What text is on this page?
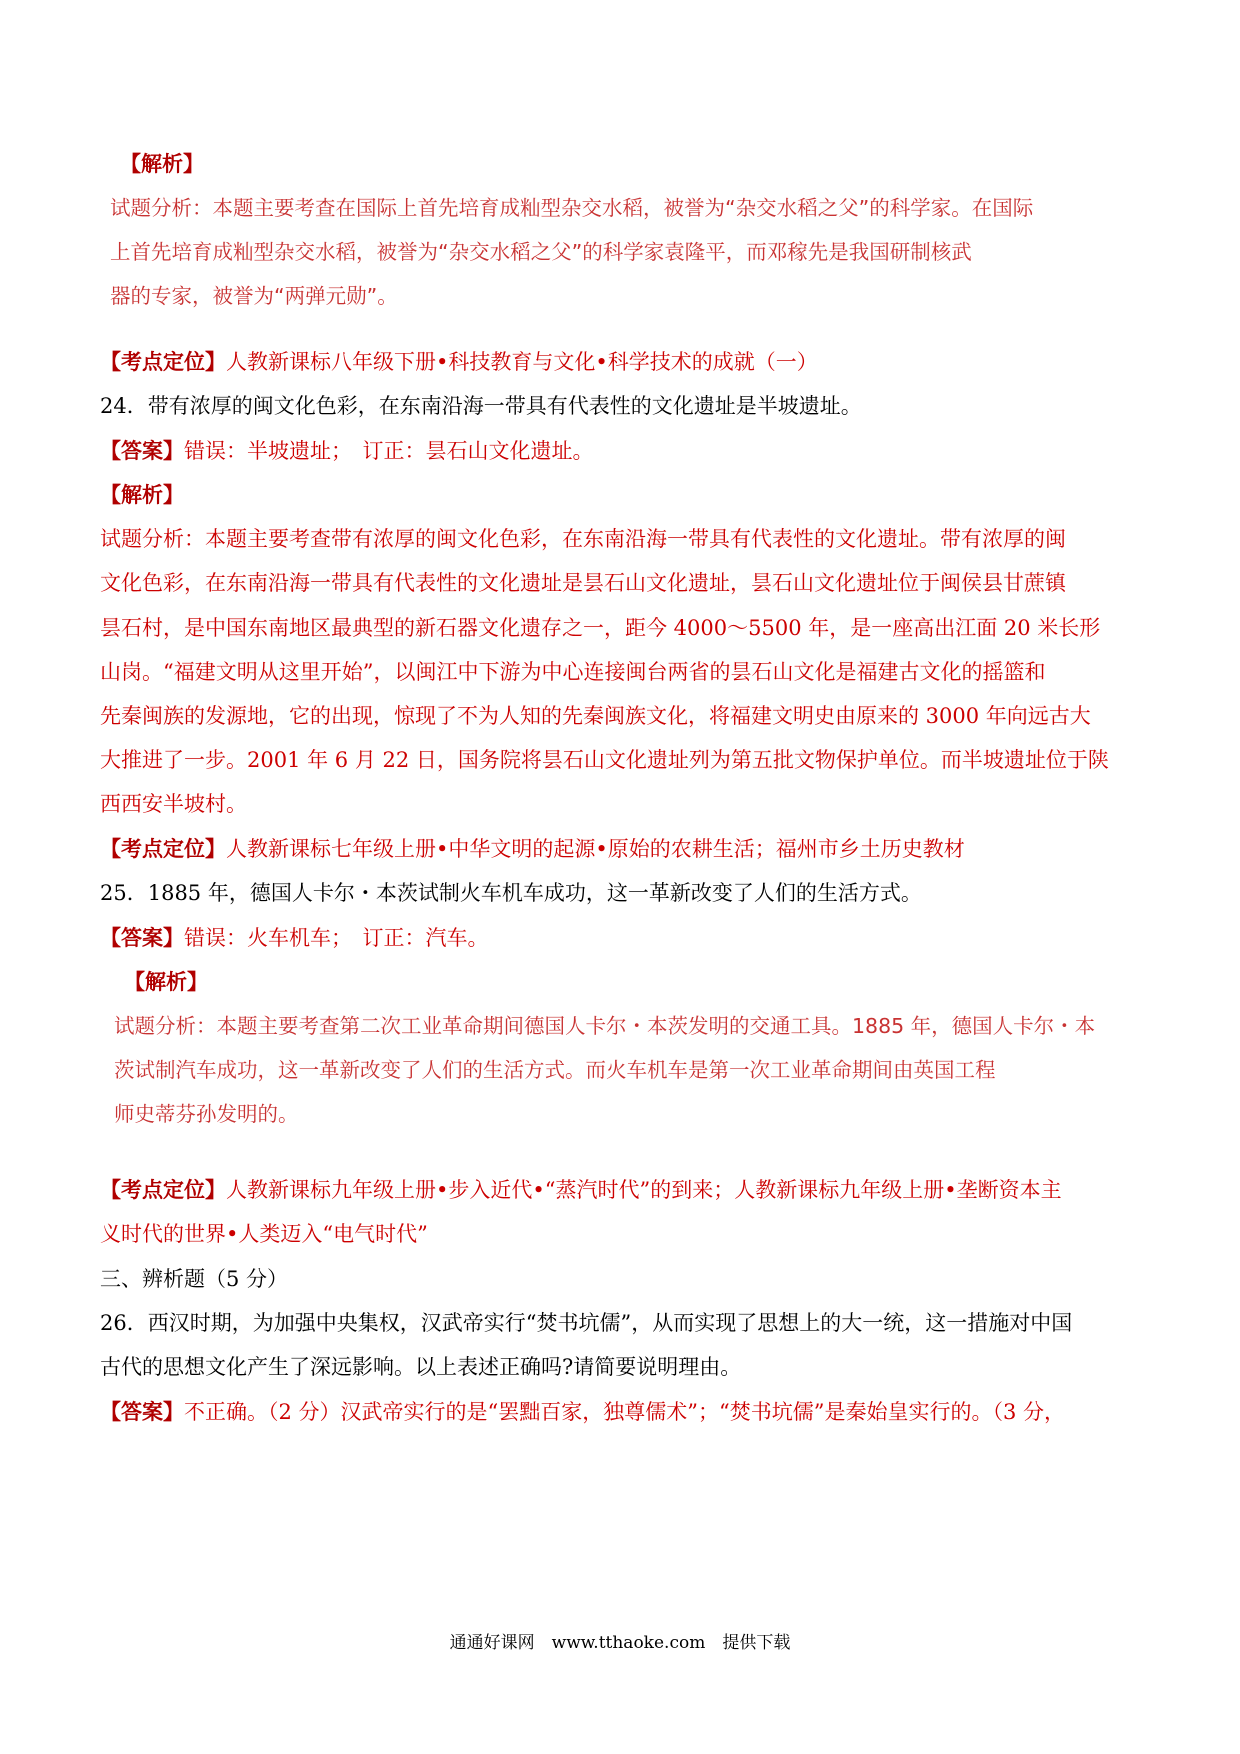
【解析】
试题分析：本题主要考查在国际上首先培育成籼型杂交水稻，被誉为“杂交水稻之父”的科学家。在国际
上首先培育成籼型杂交水稻，被誉为“杂交水稻之父”的科学家袁隆平，而邓稼先是我国研制核武
器的专家，被誉为“两弹元勋”。
【考点定位】人教新课标八年级下册•科技教育与文化•科学技术的成就（一）
24．带有浓厚的闽文化色彩，在东南沿海一带具有代表性的文化遗址是半坡遗址。
【答案】错误：半坡遗址；　订正：昙石山文化遗址。
【解析】
试题分析：本题主要考查带有浓厚的闽文化色彩，在东南沿海一带具有代表性的文化遗址。带有浓厚的闽
文化色彩，在东南沿海一带具有代表性的文化遗址是昙石山文化遗址，昙石山文化遗址位于闽侯县甘蔗镇
昙石村，是中国东南地区最典型的新石器文化遗存之一，距今 4000～5500 年，是一座高出江面 20 米长形
山岗。“福建文明从这里开始”，以闽江中下游为中心连接闽台两省的昙石山文化是福建古文化的摇篮和
先秦闽族的发源地，它的出现，惊现了不为人知的先秦闽族文化，将福建文明史由原来的 3000 年向远古大
大推进了一步。2001 年 6 月 22 日，国务院将昙石山文化遗址列为第五批文物保护单位。而半坡遗址位于陕
西西安半坡村。
【考点定位】人教新课标七年级上册•中华文明的起源•原始的农耕生活；福州市乡土历史教材
25．1885 年，德国人卡尔・本茨试制火车机车成功，这一革新改变了人们的生活方式。
【答案】错误：火车机车；　订正：汽车。
【解析】
试题分析：本题主要考查第二次工业革命期间德国人卡尔・本茨发明的交通工具。1885 年，德国人卡尔・本
茨试制汽车成功，这一革新改变了人们的生活方式。而火车机车是第一次工业革命期间由英国工程
师史蒂芬孙发明的。
【考点定位】人教新课标九年级上册•步入近代•“蒸汽时代”的到来；人教新课标九年级上册•垄断资本主
义时代的世界•人类迈入“电气时代”
三、辨析题（5 分）
26．西汉时期，为加强中央集权，汉武帝实行“焚书坑儒”，从而实现了思想上的大一统，这一措施对中国
古代的思想文化产生了深远影响。以上表述正确吗?请简要说明理由。
【答案】不正确。（2 分）汉武帝实行的是“罢黜百家，独尊儒术”；“焚书坑儒”是秦始皇实行的。（3 分，
通通好课网　www.tthaoke.com　提供下载
